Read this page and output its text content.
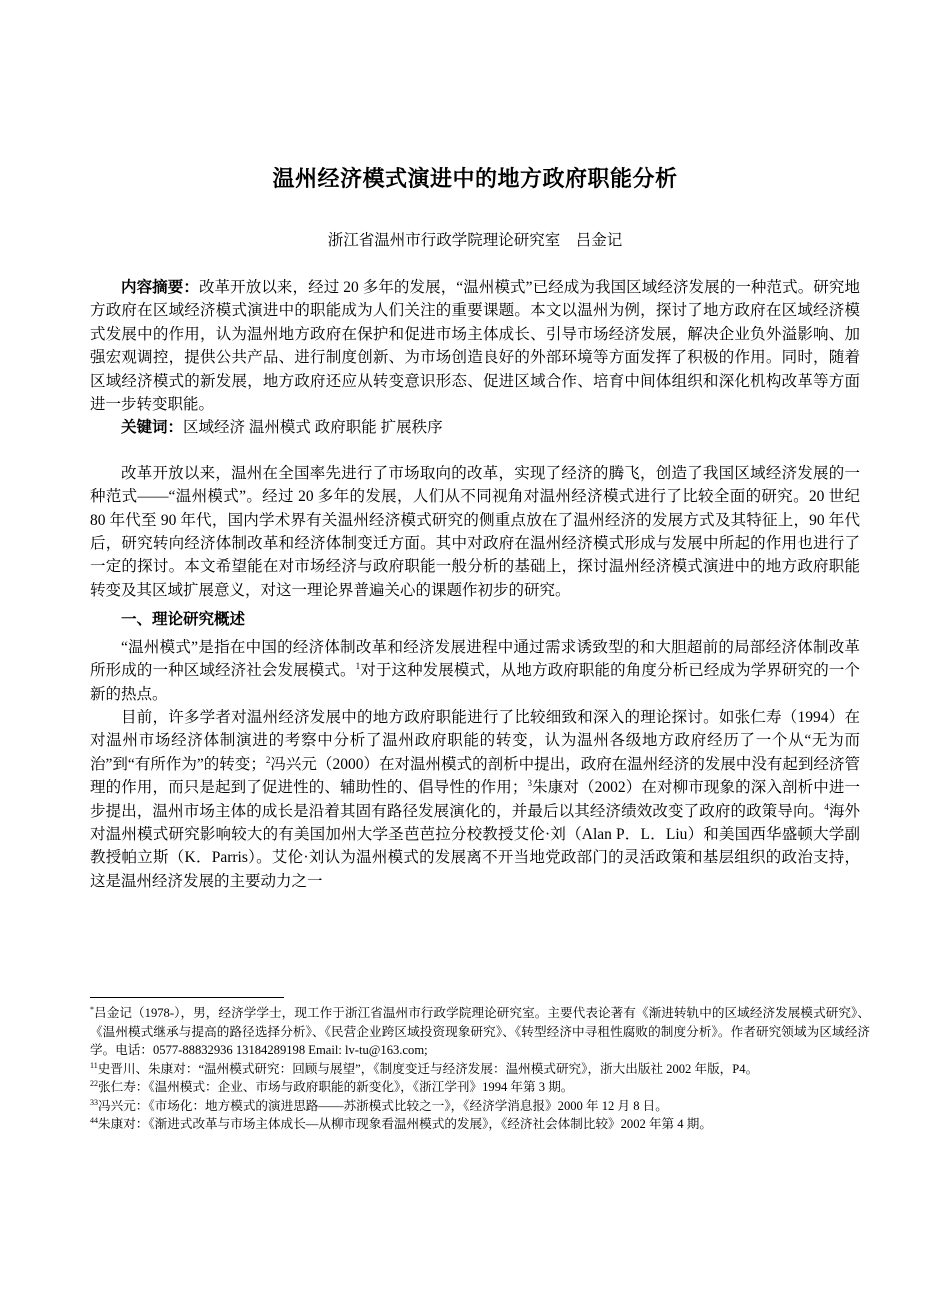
温州经济模式演进中的地方政府职能分析
浙江省温州市行政学院理论研究室　吕金记

内容摘要：改革开放以来，经过 20 多年的发展，“温州模式”已经成为我国区域经济发展的一种范式。研究地方政府在区域经济模式演进中的职能成为人们关注的重要课题。本文以温州为例，探讨了地方政府在区域经济模式发展中的作用，认为温州地方政府在保护和促进市场主体成长、引导市场经济发展，解决企业负外溢影响、加强宏观调控，提供公共产品、进行制度创新、为市场创造良好的外部环境等方面发挥了积极的作用。同时，随着区域经济模式的新发展，地方政府还应从转变意识形态、促进区域合作、培育中间体组织和深化机构改革等方面进一步转变职能。

关键词：区域经济 温州模式 政府职能 扩展秩序

改革开放以来，温州在全国率先进行了市场取向的改革，实现了经济的腾飞，创造了我国区域经济发展的一种范式——“温州模式”。经过 20 多年的发展，人们从不同视角对温州经济模式进行了比较全面的研究。20 世纪 80 年代至 90 年代，国内学术界有关温州经济模式研究的侧重点放在了温州经济的发展方式及其特征上，90 年代后，研究转向经济体制改革和经济体制变迁方面。其中对政府在温州经济模式形成与发展中所起的作用也进行了一定的探讨。本文希望能在对市场经济与政府职能一般分析的基础上，探讨温州经济模式演进中的地方政府职能转变及其区域扩展意义，对这一理论界普遍关心的课题作初步的研究。

一、理论研究概述

“温州模式”是指在中国的经济体制改革和经济发展进程中通过需求诱致型的和大胆超前的局部经济体制改革所形成的一种区域经济社会发展模式。$^1$对于这种发展模式，从地方政府职能的角度分析已经成为学界研究的一个新的热点。

目前，许多学者对温州经济发展中的地方政府职能进行了比较细致和深入的理论探讨。如张仁寿（1994）在对温州市场经济体制演进的考察中分析了温州政府职能的转变，认为温州各级地方政府经历了一个从“无为而治”到“有所作为”的转变；$^2$冯兴元（2000）在对温州模式的剖析中提出，政府在温州经济的发展中没有起到经济管理的作用，而只是起到了促进性的、辅助性的、倡导性的作用；$^3$朱康对（2002）在对柳市现象的深入剖析中进一步提出，温州市场主体的成长是沿着其固有路径发展演化的，并最后以其经济绩效改变了政府的政策导向。$^4$海外对温州模式研究影响较大的有美国加州大学圣芭芭拉分校教授艾伦·刘（Alan P．L．Liu）和美国西华盛顿大学副教授帕立斯（K．Parris）。艾伦·刘认为温州模式的发展离不开当地党政部门的灵活政策和基层组织的政治支持，这是温州经济发展的主要动力之一

*吕金记（1978-），男，经济学学士，现工作于浙江省温州市行政学院理论研究室。主要代表论著有《渐进转轨中的区域经济发展模式研究》、《温州模式继承与提高的路径选择分析》、《民营企业跨区域投资现象研究》、《转型经济中寻租性腐败的制度分析》。作者研究领域为区域经济学。电话：0577-88832936 13184289198 Email: lv-tu@163.com;

$^{11}$史晋川、朱康对：“温州模式研究：回顾与展望”，《制度变迁与经济发展：温州模式研究》，浙大出版社 2002 年版，P4。

$^{22}$张仁寿：《温州模式：企业、市场与政府职能的新变化》，《浙江学刊》1994 年第 3 期。

$^{33}$冯兴元：《市场化：地方模式的演进思路——苏浙模式比较之一》，《经济学消息报》2000 年 12 月 8 日。

$^{44}$朱康对：《渐进式改革与市场主体成长—从柳市现象看温州模式的发展》，《经济社会体制比较》2002 年第 4 期。
